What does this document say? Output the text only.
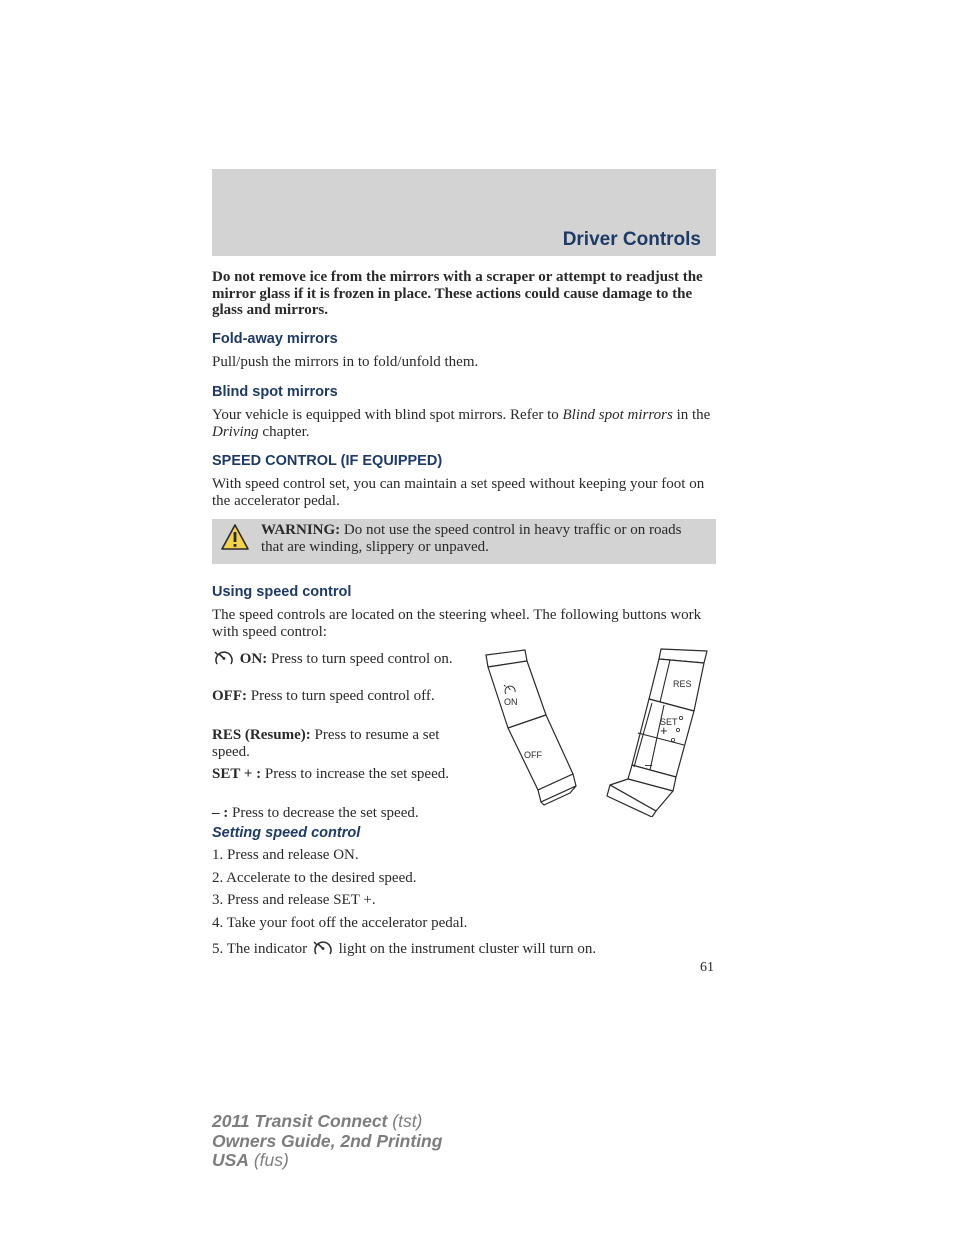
Driver Controls
Do not remove ice from the mirrors with a scraper or attempt to readjust the mirror glass if it is frozen in place. These actions could cause damage to the glass and mirrors.
Fold-away mirrors
Pull/push the mirrors in to fold/unfold them.
Blind spot mirrors
Your vehicle is equipped with blind spot mirrors. Refer to Blind spot mirrors in the Driving chapter.
SPEED CONTROL (IF EQUIPPED)
With speed control set, you can maintain a set speed without keeping your foot on the accelerator pedal.
WARNING: Do not use the speed control in heavy traffic or on roads that are winding, slippery or unpaved.
Using speed control
The speed controls are located on the steering wheel. The following buttons work with speed control:
ON: Press to turn speed control on.
OFF: Press to turn speed control off.
RES (Resume): Press to resume a set speed.
SET + : Press to increase the set speed.
– : Press to decrease the set speed.
ON
OFF
RES
SET
+
–
Setting speed control
1. Press and release ON.
2. Accelerate to the desired speed.
3. Press and release SET +.
4. Take your foot off the accelerator pedal.
5. The indicator light on the instrument cluster will turn on.
61
2011 Transit Connect (tst)
Owners Guide, 2nd Printing
USA (fus)
